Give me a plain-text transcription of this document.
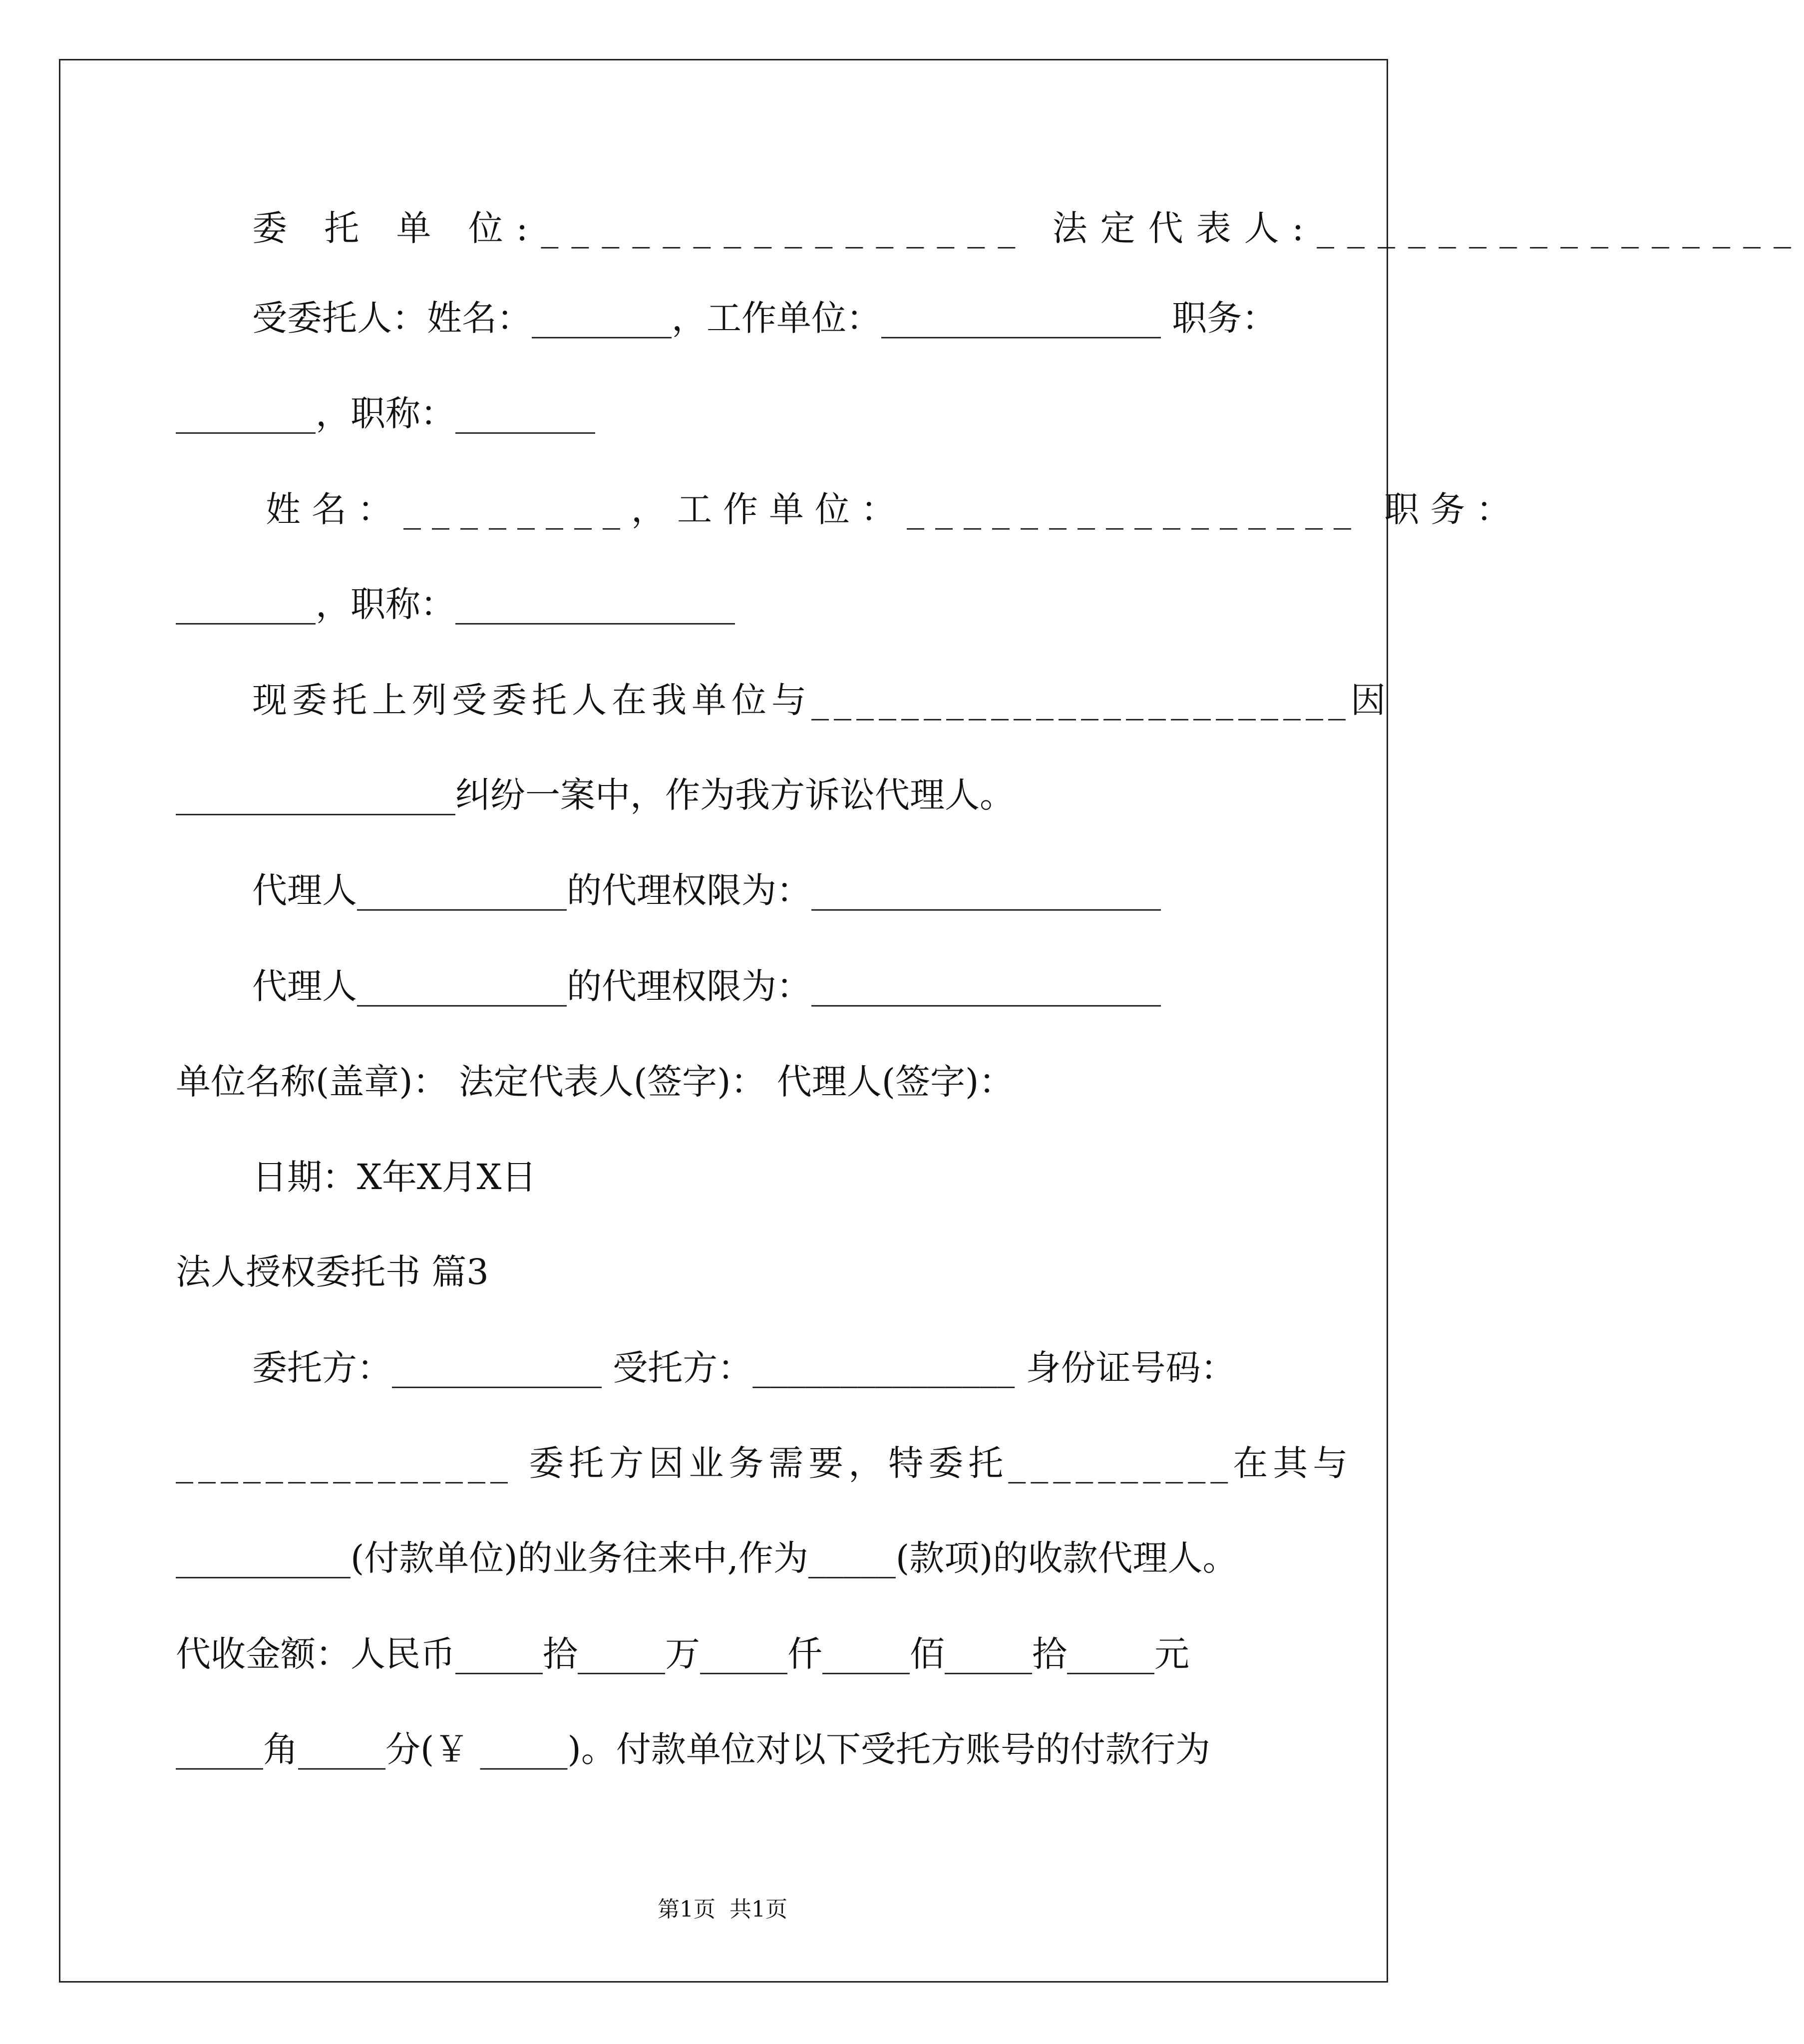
委 托 单 位:________________ 法定代表人:________________
受委托人：姓名：________，工作单位：________________ 职务：
________，职称：________
姓名：________，工作单位：________________ 职务：
________，职称：________________
现委托上列受委托人在我单位与________________________因
________________纠纷一案中，作为我方诉讼代理人。
代理人____________的代理权限为：____________________
代理人____________的代理权限为：____________________
单位名称(盖章)： 法定代表人(签字)： 代理人(签字)：
日期：X年X月X日
法人授权委托书 篇3
委托方：____________ 受托方：_______________ 身份证号码：
_______________ 委托方因业务需要，特委托__________在其与
__________(付款单位)的业务往来中,作为_____(款项)的收款代理人。
代收金额：人民币_____拾_____万_____仟_____佰_____拾_____元
_____角_____分(￥ _____)。付款单位对以下受托方账号的付款行为
第1页  共1页
